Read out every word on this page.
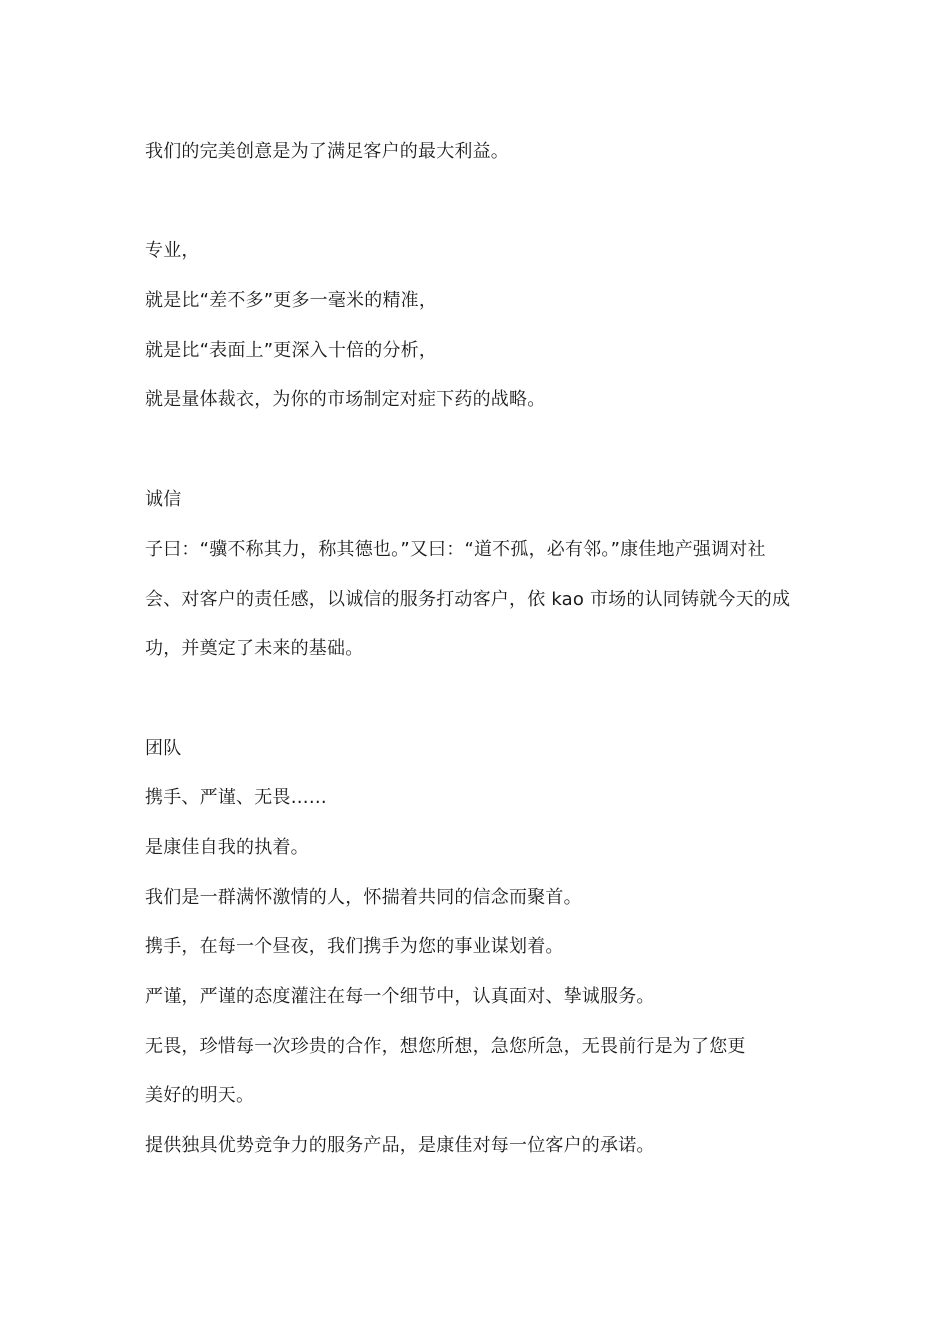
我们的完美创意是为了满足客户的最大利益。
专业，
就是比“差不多”更多一毫米的精准，
就是比“表面上”更深入十倍的分析，
就是量体裁衣，为你的市场制定对症下药的战略。
诚信
子曰：“骥不称其力，称其德也。”又曰：“道不孤，必有邻。”康佳地产强调对社
会、对客户的责任感，以诚信的服务打动客户，依 kao 市场的认同铸就今天的成
功，并奠定了未来的基础。
团队
携手、严谨、无畏……
是康佳自我的执着。
我们是一群满怀激情的人，怀揣着共同的信念而聚首。
携手，在每一个昼夜，我们携手为您的事业谋划着。
严谨，严谨的态度灌注在每一个细节中，认真面对、挚诚服务。
无畏，珍惜每一次珍贵的合作，想您所想，急您所急，无畏前行是为了您更
美好的明天。
提供独具优势竞争力的服务产品，是康佳对每一位客户的承诺。
